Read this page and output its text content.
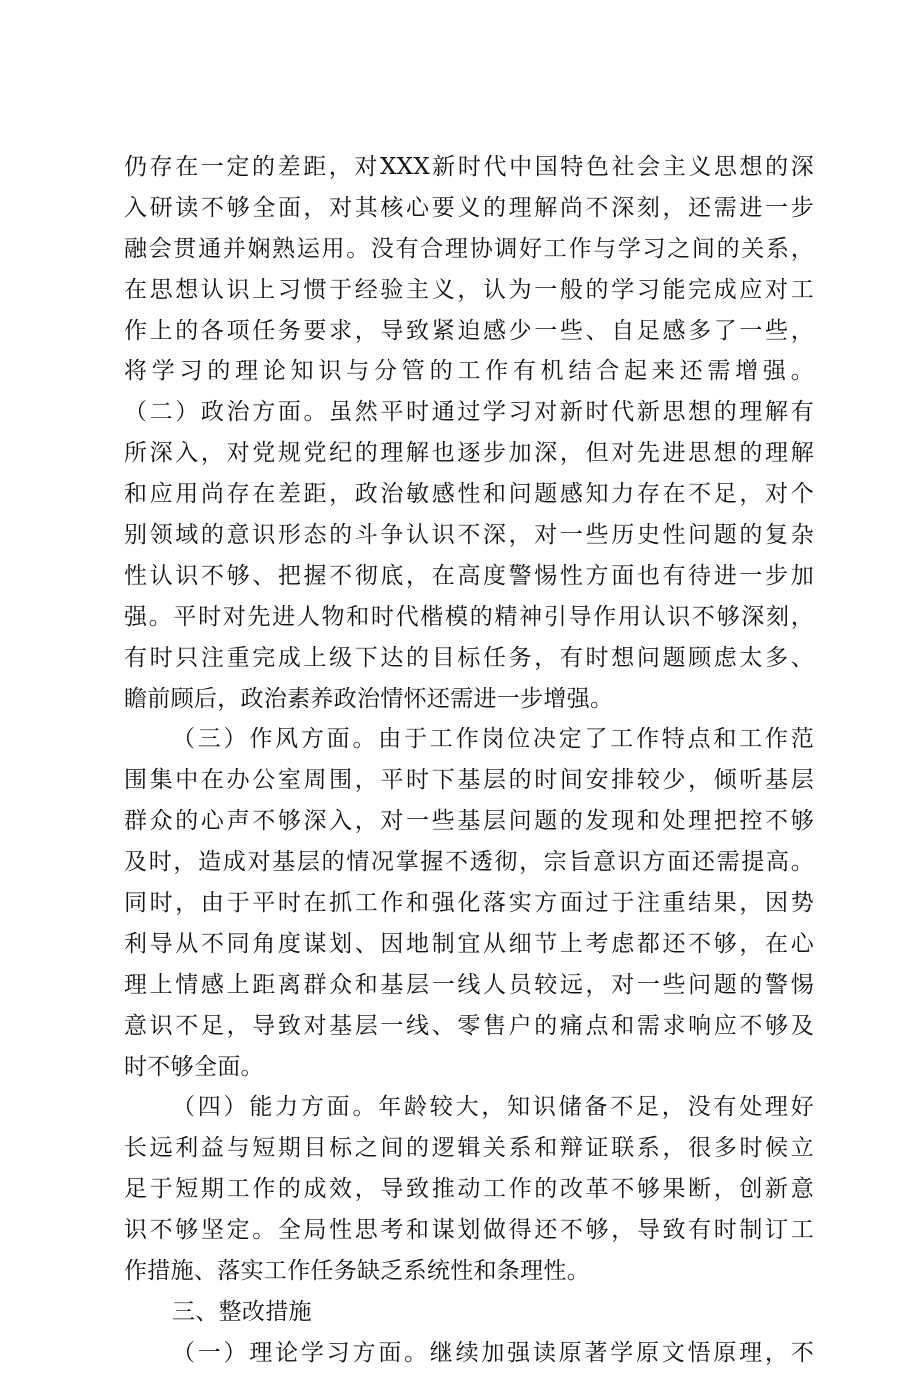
仍存在一定的差距，对XXX新时代中国特色社会主义思想的深
入研读不够全面，对其核心要义的理解尚不深刻，还需进一步
融会贯通并娴熟运用。没有合理协调好工作与学习之间的关系，
在思想认识上习惯于经验主义，认为一般的学习能完成应对工
作上的各项任务要求，导致紧迫感少一些、自足感多了一些，
将学习的理论知识与分管的工作有机结合起来还需增强。
（二）政治方面。虽然平时通过学习对新时代新思想的理解有
所深入，对党规党纪的理解也逐步加深，但对先进思想的理解
和应用尚存在差距，政治敏感性和问题感知力存在不足，对个
别领域的意识形态的斗争认识不深，对一些历史性问题的复杂
性认识不够、把握不彻底，在高度警惕性方面也有待进一步加
强。平时对先进人物和时代楷模的精神引导作用认识不够深刻，
有时只注重完成上级下达的目标任务，有时想问题顾虑太多、
瞻前顾后，政治素养政治情怀还需进一步增强。
（三）作风方面。由于工作岗位决定了工作特点和工作范
围集中在办公室周围，平时下基层的时间安排较少，倾听基层
群众的心声不够深入，对一些基层问题的发现和处理把控不够
及时，造成对基层的情况掌握不透彻，宗旨意识方面还需提高。
同时，由于平时在抓工作和强化落实方面过于注重结果，因势
利导从不同角度谋划、因地制宜从细节上考虑都还不够，在心
理上情感上距离群众和基层一线人员较远，对一些问题的警惕
意识不足，导致对基层一线、零售户的痛点和需求响应不够及
时不够全面。
（四）能力方面。年龄较大，知识储备不足，没有处理好
长远利益与短期目标之间的逻辑关系和辩证联系，很多时候立
足于短期工作的成效，导致推动工作的改革不够果断，创新意
识不够坚定。全局性思考和谋划做得还不够，导致有时制订工
作措施、落实工作任务缺乏系统性和条理性。
三、整改措施
（一）理论学习方面。继续加强读原著学原文悟原理，不
